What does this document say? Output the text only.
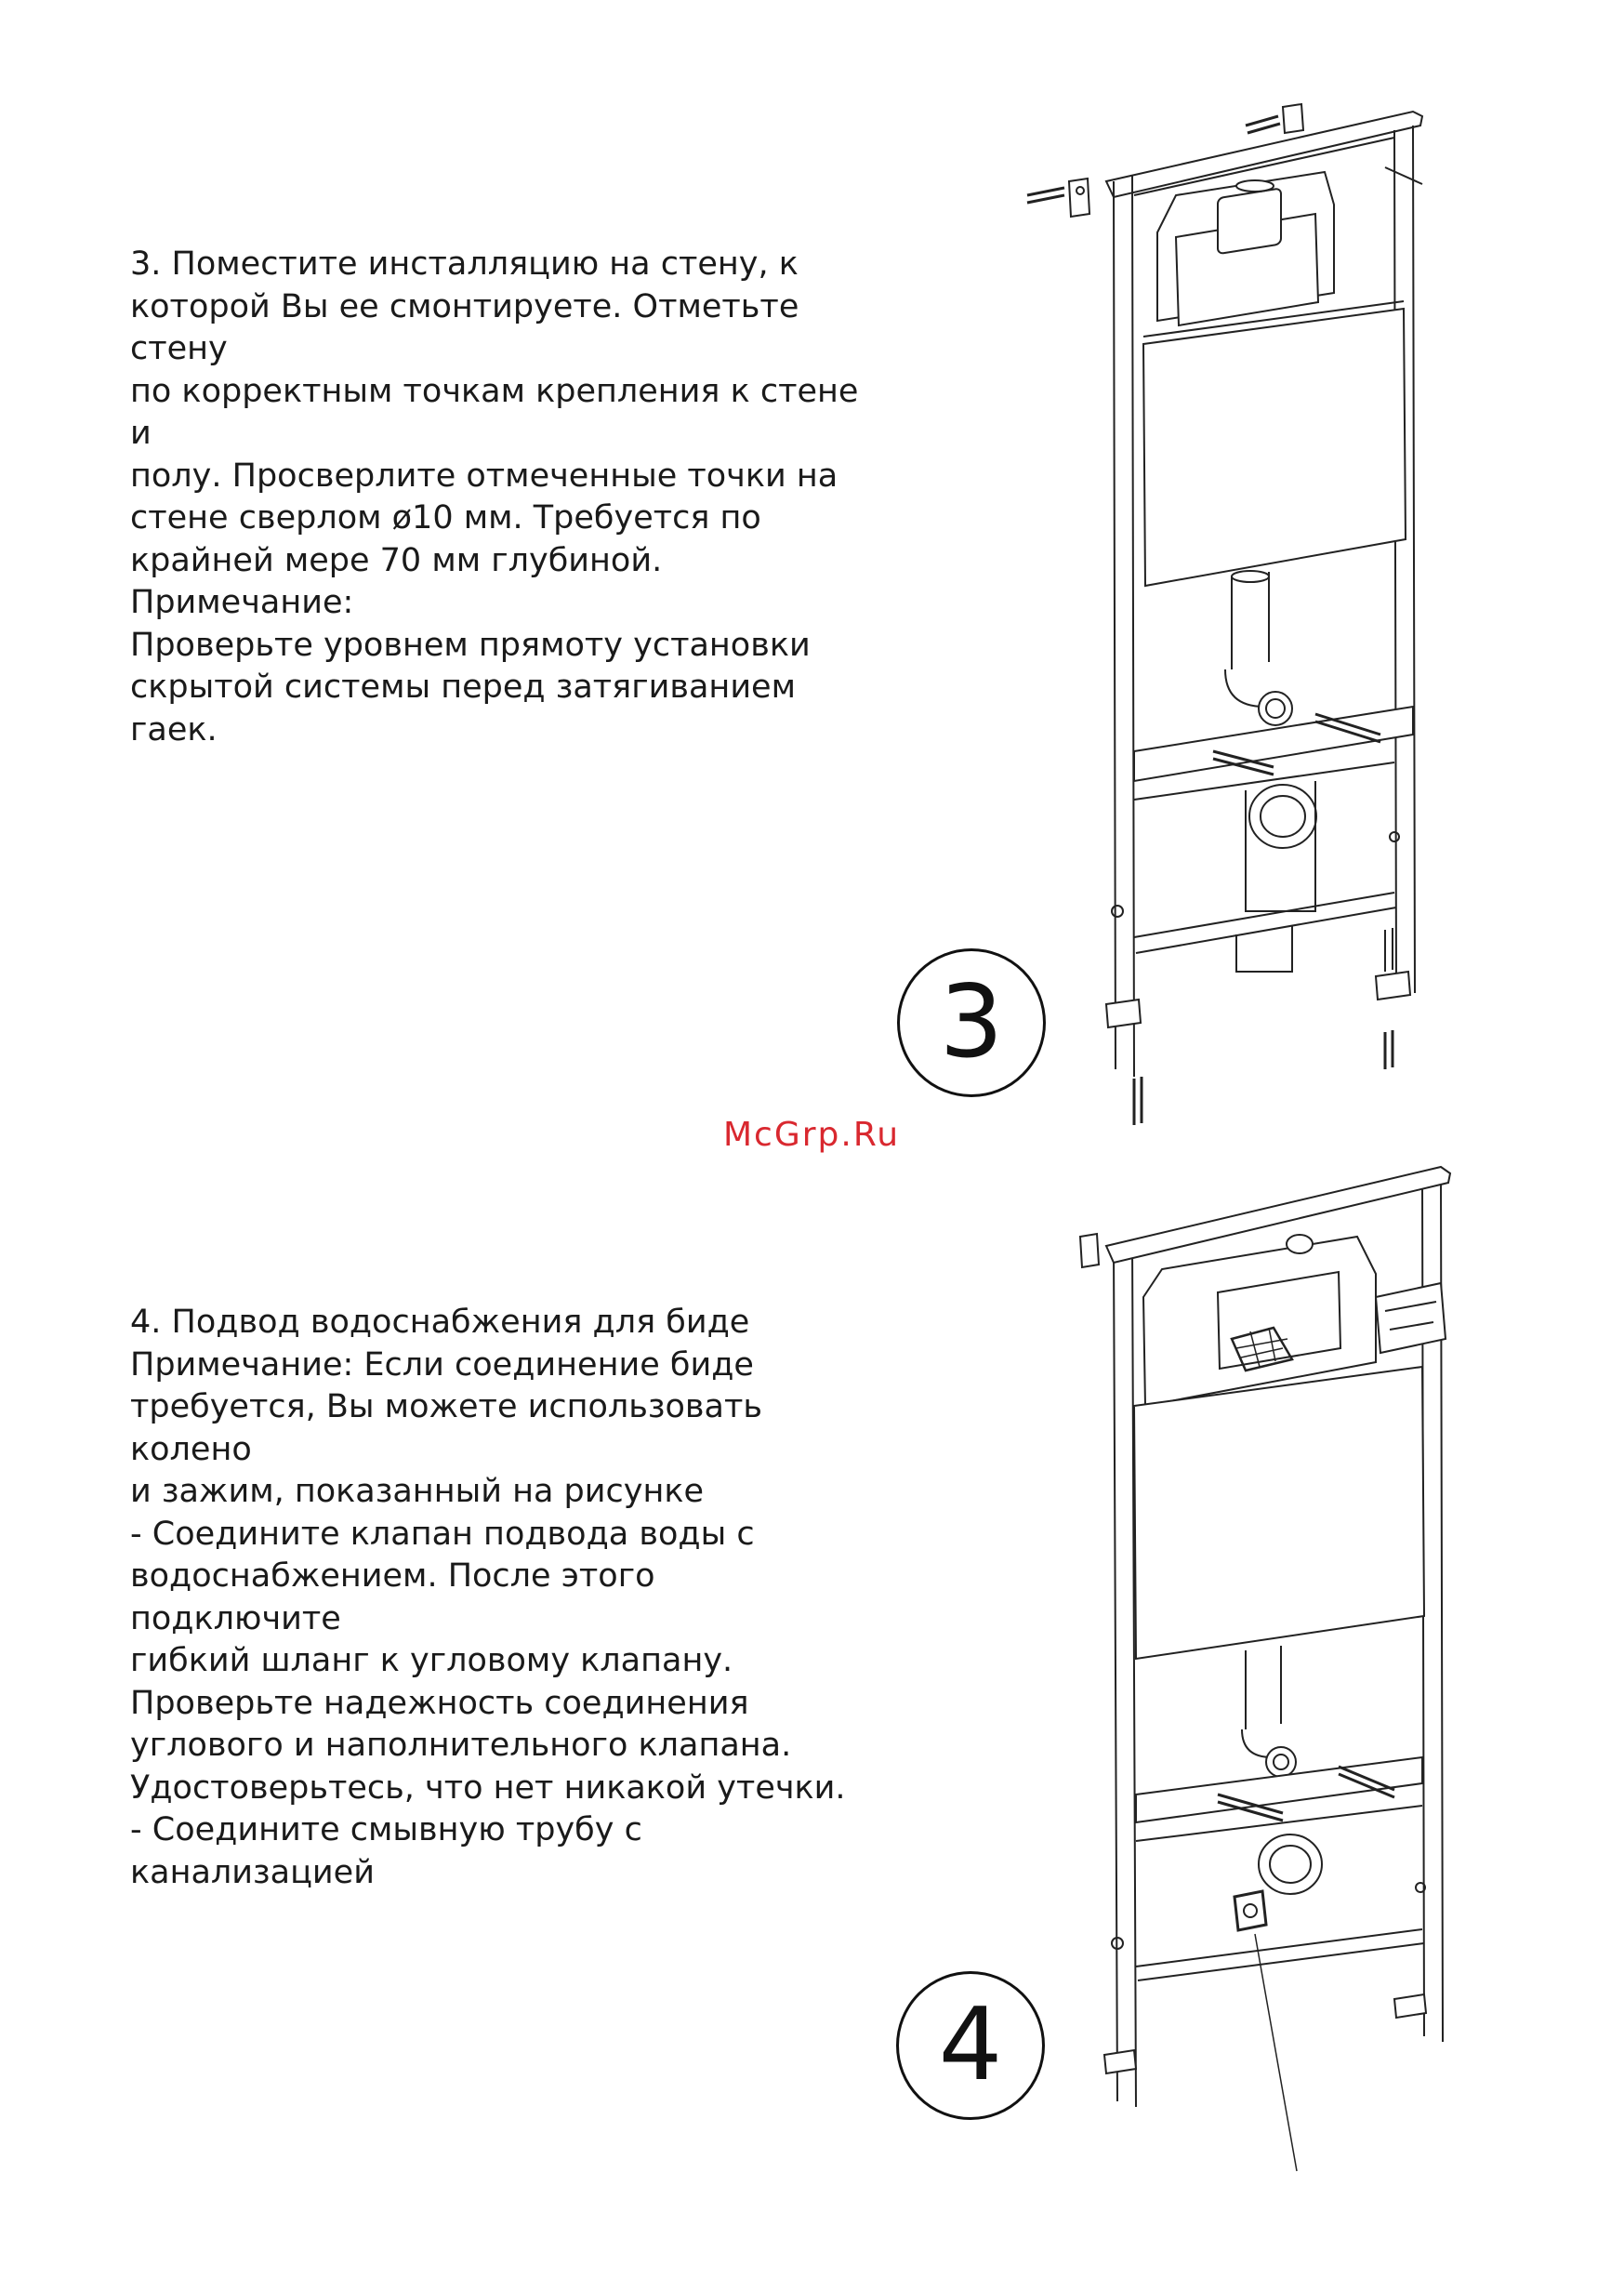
3. Поместите инсталляцию на стену, к

которой Вы ее смонтируете. Отметьте стену

по корректным точкам крепления к стене и

полу. Просверлите отмеченные точки на

стене сверлом ø10 мм. Требуется по

крайней мере 70 мм глубиной. Примечание:

Проверьте уровнем прямоту установки

скрытой системы перед затягиванием гаек.

3
McGrp.Ru

4. Подвод водоснабжения для биде

Примечание: Если соединение биде

требуется, Вы можете использовать колено

и зажим, показанный на рисунке

- Соедините клапан подвода воды с

водоснабжением. После этого подключите

гибкий шланг к угловому клапану.

Проверьте надежность соединения

углового и наполнительного клапана.

Удостоверьтесь, что нет никакой утечки.

- Соедините смывную трубу с канализацией

4
